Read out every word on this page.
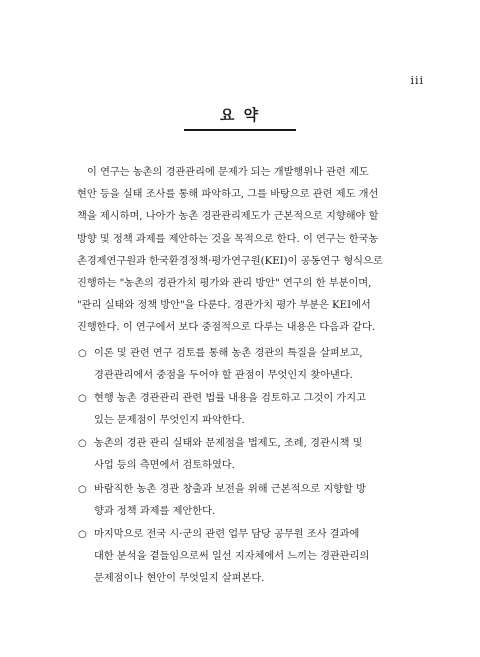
iii
요 약
이 연구는 농촌의 경관관리에 문제가 되는 개발행위나 관련 제도
현안 등을 실태 조사를 통해 파악하고, 그를 바탕으로 관련 제도 개선
책을 제시하며, 나아가 농촌 경관관리제도가 근본적으로 지향해야 할
방향 및 정책 과제를 제안하는 것을 목적으로 한다. 이 연구는 한국농
촌경제연구원과 한국환경정책·평가연구원(KEI)이 공동연구 형식으로
진행하는 "농촌의 경관가치 평가와 관리 방안" 연구의 한 부분이며,
"관리 실태와 정책 방안"을 다룬다. 경관가치 평가 부분은 KEI에서
진행한다. 이 연구에서 보다 중점적으로 다루는 내용은 다음과 같다.
○ 이론 및 관련 연구 검토를 통해 농촌 경관의 특질을 살펴보고,
경관관리에서 중점을 두어야 할 관점이 무엇인지 찾아낸다.
○ 현행 농촌 경관관리 관련 법률 내용을 검토하고 그것이 가지고
있는 문제점이 무엇인지 파악한다.
○ 농촌의 경관 관리 실태와 문제점을 법제도, 조례, 경관시책 및
사업 등의 측면에서 검토하였다.
○ 바람직한 농촌 경관 창출과 보전을 위해 근본적으로 지향할 방
향과 정책 과제를 제안한다.
○ 마지막으로 전국 시·군의 관련 업무 담당 공무원 조사 결과에
대한 분석을 곁들임으로써 일선 지자체에서 느끼는 경관관리의
문제점이나 현안이 무엇일지 살펴본다.
